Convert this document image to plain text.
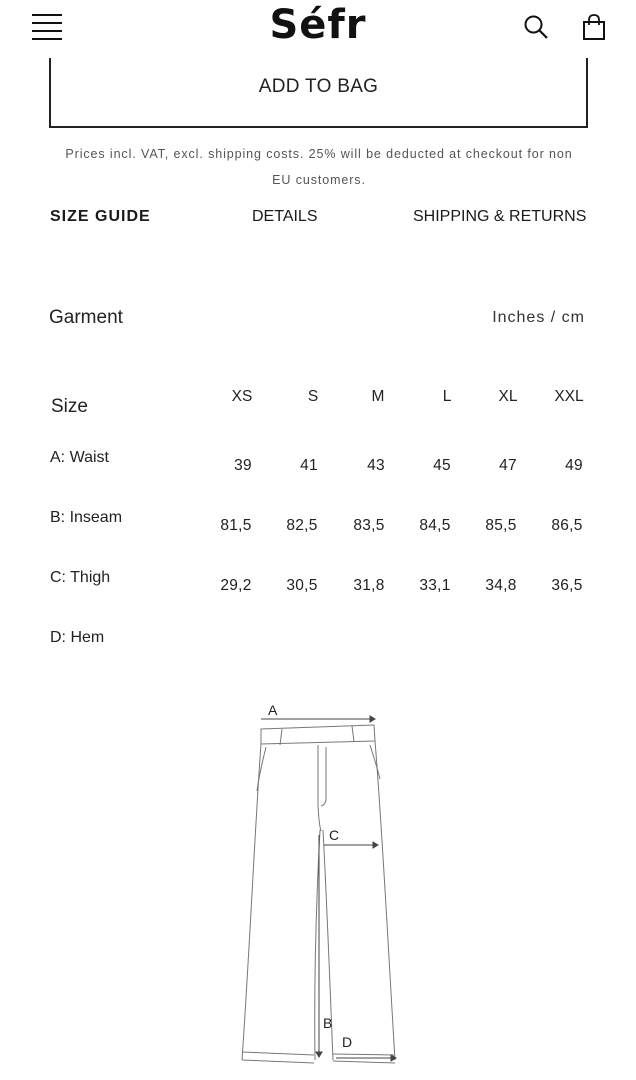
Séfr
ADD TO BAG
Prices incl. VAT, excl. shipping costs. 25% will be deducted at checkout for non
EU customers.
SIZE GUIDE	DETAILS	SHIPPING & RETURNS
Garment	Inches / cm
Size	XS	S	M	L	XL	XXL
A: Waist	39	41	43	45	47	49
B: Inseam	81,5	82,5	83,5	84,5	85,5	86,5
C: Thigh	29,2	30,5	31,8	33,1	34,8	36,5
D: Hem
A
C
B
D
